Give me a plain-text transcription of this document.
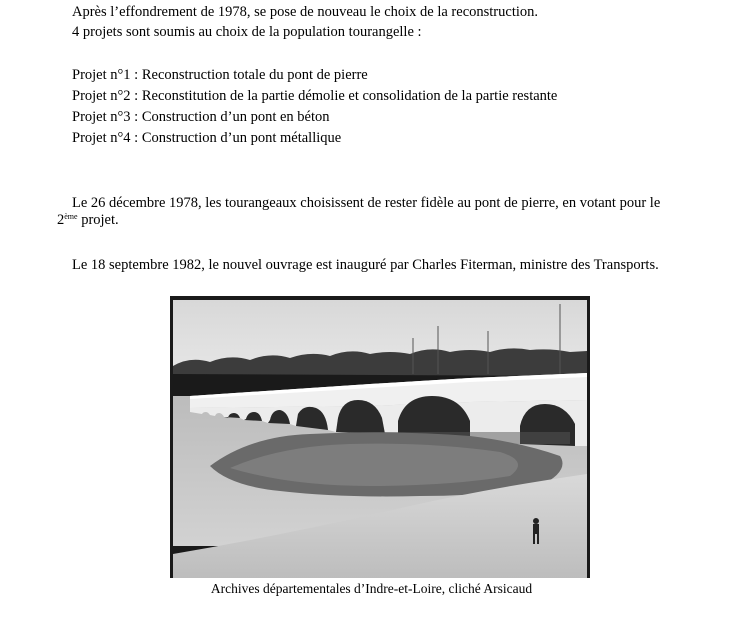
Après l’effondrement de 1978, se pose de nouveau le choix de la reconstruction.
4 projets sont soumis au choix de la population tourangelle :
Projet n°1 : Reconstruction totale du pont de pierre
Projet n°2 : Reconstitution de la partie démolie et consolidation de la partie restante
Projet n°3 : Construction d’un pont en béton
Projet n°4 : Construction d’un pont métallique
Le 26 décembre 1978, les tourangeaux choisissent de rester fidèle au pont de pierre, en votant pour le
2ème projet.
Le 18 septembre 1982, le nouvel ouvrage est inauguré par Charles Fiterman, ministre des Transports.
Archives départementales d’Indre-et-Loire, cliché Arsicaud
